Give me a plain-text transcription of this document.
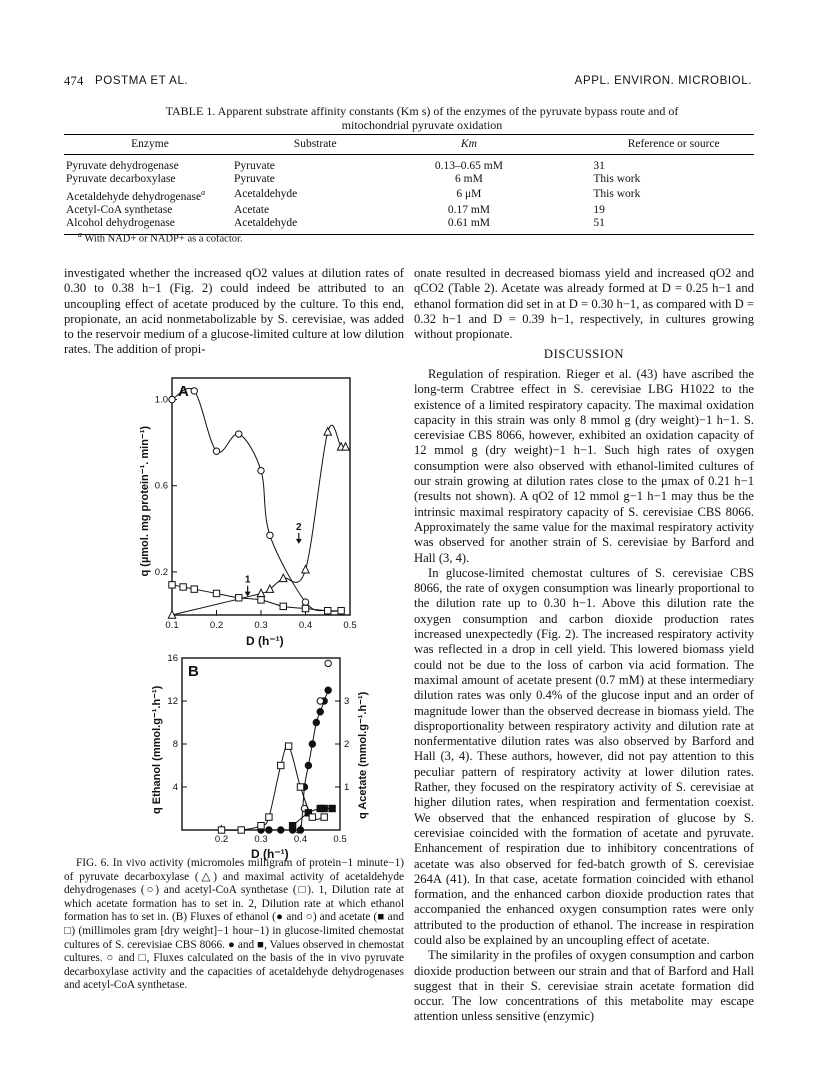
474 POSTMA ET AL.	APPL. ENVIRON. MICROBIOL.
TABLE 1. Apparent substrate affinity constants (Km s) of the enzymes of the pyruvate bypass route and of
mitochondrial pyruvate oxidation
Enzyme	Substrate	Km	Reference or source
Pyruvate dehydrogenase	Pyruvate	0.13–0.65 mM	31
Pyruvate decarboxylase	Pyruvate	6 mM	This work
Acetaldehyde dehydrogenase$^a$	Acetaldehyde	6 μM	This work
Acetyl-CoA synthetase	Acetate	0.17 mM	19
Alcohol dehydrogenase	Acetaldehyde	0.61 mM	51
$^a$ With NAD+ or NADP+ as a cofactor.

investigated whether the increased qO2 values at dilution rates of 0.30 to 0.38 h−1 (Fig. 2) could indeed be attributed to an uncoupling effect of acetate produced by the culture. To this end, propionate, an acid nonmetabolizable by S. cerevisiae, was added to the reservoir medium of a glucose-limited culture at low dilution rates. The addition of propi-

onate resulted in decreased biomass yield and increased qO2 and qCO2 (Table 2). Acetate was already formed at D = 0.25 h−1 and ethanol formation did set in at D = 0.30 h−1, as compared with D = 0.32 h−1 and D = 0.39 h−1, respectively, in cultures growing without propionate.

DISCUSSION

Regulation of respiration. Rieger et al. (43) have ascribed the long-term Crabtree effect in S. cerevisiae LBG H1022 to the existence of a limited respiratory capacity. The maximal oxidation capacity in this strain was only 8 mmol g (dry weight)−1 h−1. S. cerevisiae CBS 8066, however, exhibited an oxidation capacity of 12 mmol g (dry weight)−1 h−1. Such high rates of oxygen consumption were also observed with ethanol-limited cultures of our strain growing at dilution rates close to the μmax of 0.21 h−1 (results not shown). A qO2 of 12 mmol g−1 h−1 may thus be the intrinsic maximal respiratory capacity of S. cerevisiae CBS 8066. Approximately the same value for the maximal respiratory activity was observed for another strain of S. cerevisiae by Barford and Hall (3, 4).

In glucose-limited chemostat cultures of S. cerevisiae CBS 8066, the rate of oxygen consumption was linearly proportional to the dilution rate up to 0.30 h−1. Above this dilution rate the oxygen consumption and carbon dioxide production rates increased unexpectedly (Fig. 2). The increased respiratory activity was reflected in a drop in cell yield. This lowered biomass yield could not be due to the loss of carbon via acid formation. The maximal amount of acetate present (0.7 mM) at these intermediary dilution rates was only 0.4% of the glucose input and an order of magnitude lower than the observed decrease in biomass yield. The disproportionality between respiratory activity and dilution rate at nonfermentative dilution rates was also observed by Barford and Hall (3, 4). These authors, however, did not pay attention to this peculiar pattern of respiratory activity at lower dilution rates. Rather, they focused on the respiratory activity of S. cerevisiae at higher dilution rates, when respiration and fermentation coexist. We observed that the enhanced respiration of glucose by S. cerevisiae coincided with the formation of acetate and pyruvate. Enhancement of respiration due to inhibitory concentrations of acetate was also observed for fed-batch growth of S. cerevisiae 264A (41). In that case, acetate formation coincided with ethanol formation, and the enhanced carbon dioxide production rates that accompanied the enhanced oxygen consumption rates were only attributed to the production of ethanol. The increase in respiration could also be explained by an uncoupling effect of acetate.

The similarity in the profiles of oxygen consumption and carbon dioxide production between our strain and that of Barford and Hall suggest that in their S. cerevisiae strain acetate formation did occur. The low concentrations of this metabolite may escape attention unless sensitive (enzymic)

A
0.1	0.2	0.3	0.4	0.5
0.2
0.6
1.0
D (h⁻¹)
q (µmol. mg protein⁻¹. min⁻¹)
1
2
B
0.2	0.3	0.4	0.5
4
8
12
16
1
2
3
D (h⁻¹)
q Ethanol (mmol.g⁻¹.h⁻¹)	q Acetate (mmol.g⁻¹.h⁻¹)

FIG. 6. In vivo activity (micromoles milligram of protein−1 minute−1) of pyruvate decarboxylase (△) and maximal activity of acetaldehyde dehydrogenases (○) and acetyl-CoA synthetase (□). 1, Dilution rate at which acetate formation has to set in. 2, Dilution rate at which ethanol formation has to set in. (B) Fluxes of ethanol (● and ○) and acetate (■ and □) (millimoles gram [dry weight]−1 hour−1) in glucose-limited chemostat cultures of S. cerevisiae CBS 8066. ● and ■, Values observed in chemostat cultures. ○ and □, Fluxes calculated on the basis of the in vivo pyruvate decarboxylase activity and the capacities of acetaldehyde dehydrogenases and acetyl-CoA synthetase.
